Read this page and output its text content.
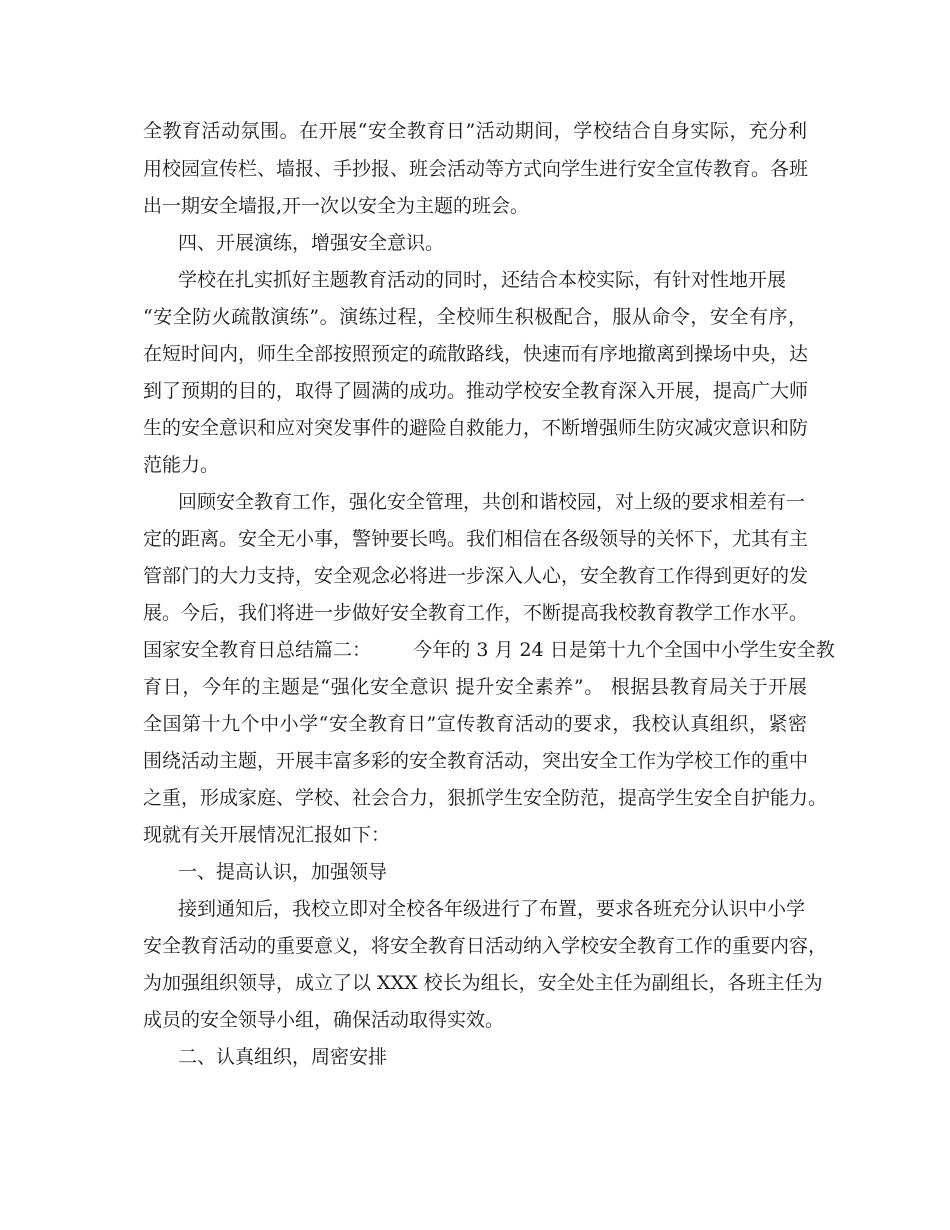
全教育活动氛围。在开展“安全教育日”活动期间，学校结合自身实际，充分利
用校园宣传栏、墙报、手抄报、班会活动等方式向学生进行安全宣传教育。各班
出一期安全墙报,开一次以安全为主题的班会。
四、开展演练，增强安全意识。
学校在扎实抓好主题教育活动的同时，还结合本校实际，有针对性地开展
“安全防火疏散演练”。演练过程，全校师生积极配合，服从命令，安全有序，
在短时间内，师生全部按照预定的疏散路线，快速而有序地撤离到操场中央，达
到了预期的目的，取得了圆满的成功。推动学校安全教育深入开展，提高广大师
生的安全意识和应对突发事件的避险自救能力，不断增强师生防灾减灾意识和防
范能力。
回顾安全教育工作，强化安全管理，共创和谐校园，对上级的要求相差有一
定的距离。安全无小事，警钟要长鸣。我们相信在各级领导的关怀下，尤其有主
管部门的大力支持，安全观念必将进一步深入人心，安全教育工作得到更好的发
展。今后，我们将进一步做好安全教育工作，不断提高我校教育教学工作水平。
国家安全教育日总结篇二：       今年的 3 月 24 日是第十九个全国中小学生安全教
育日，今年的主题是“强化安全意识 提升安全素养”。 根据县教育局关于开展
全国第十九个中小学“安全教育日”宣传教育活动的要求，我校认真组织，紧密
围绕活动主题，开展丰富多彩的安全教育活动，突出安全工作为学校工作的重中
之重，形成家庭、学校、社会合力，狠抓学生安全防范，提高学生安全自护能力。
现就有关开展情况汇报如下：
一、提高认识，加强领导
接到通知后，我校立即对全校各年级进行了布置，要求各班充分认识中小学
安全教育活动的重要意义，将安全教育日活动纳入学校安全教育工作的重要内容，
为加强组织领导，成立了以 XXX 校长为组长，安全处主任为副组长，各班主任为
成员的安全领导小组，确保活动取得实效。
二、认真组织，周密安排
